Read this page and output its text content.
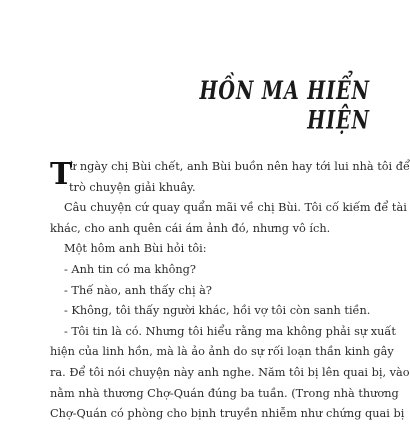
HỒN MA HIỂN HIỆN
T
ừ ngày chị Bùi chết, anh Bùi buồn nên hay tới lui nhà tôi để
trò chuyện giải khuây.
Câu chuyện cứ quay quẩn mãi về chị Bùi. Tôi cố kiếm để tài
khác, cho anh quên cái ám ảnh đó, nhưng vô ích.
Một hôm anh Bùi hỏi tôi:
- Anh tin có ma không?
- Thế nào, anh thấy chị à?
- Không, tôi thấy người khác, hồi vợ tôi còn sanh tiền.
- Tôi tin là có. Nhưng tôi hiểu rằng ma không phải sự xuất
hiện của linh hồn, mà là ảo ảnh do sự rối loạn thần kinh gây
ra. Để tôi nói chuyện này anh nghe. Năm tôi bị lên quai bị, vào
nằm nhà thương Chợ-Quán đúng ba tuần. (Trong nhà thương
Chợ-Quán có phòng cho bịnh truyền nhiễm như chứng quai bị
